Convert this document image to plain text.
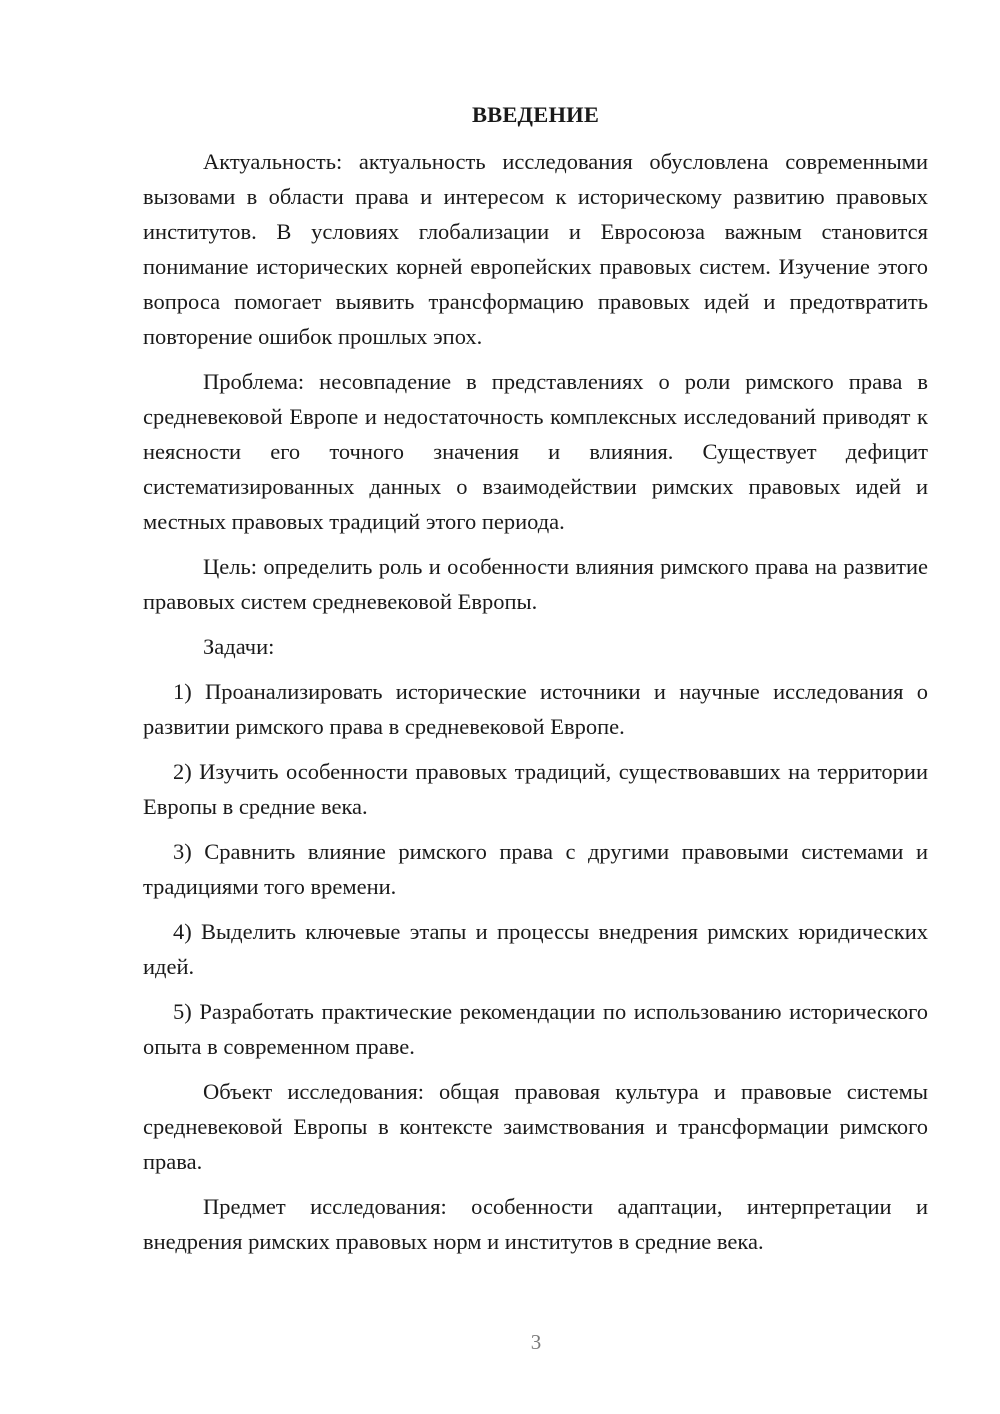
ВВЕДЕНИЕ

Актуальность: актуальность исследования обусловлена современными вызовами в области права и интересом к историческому развитию правовых институтов. В условиях глобализации и Евросоюза важным становится понимание исторических корней европейских правовых систем. Изучение этого вопроса помогает выявить трансформацию правовых идей и предотвратить повторение ошибок прошлых эпох.

Проблема: несовпадение в представлениях о роли римского права в средневековой Европе и недостаточность комплексных исследований приводят к неясности его точного значения и влияния. Существует дефицит систематизированных данных о взаимодействии римских правовых идей и местных правовых традиций этого периода.

Цель: определить роль и особенности влияния римского права на развитие правовых систем средневековой Европы.

Задачи:

1) Проанализировать исторические источники и научные исследования о развитии римского права в средневековой Европе.

2) Изучить особенности правовых традиций, существовавших на территории Европы в средние века.

3) Сравнить влияние римского права с другими правовыми системами и традициями того времени.

4) Выделить ключевые этапы и процессы внедрения римских юридических идей.

5) Разработать практические рекомендации по использованию исторического опыта в современном праве.

Объект исследования: общая правовая культура и правовые системы средневековой Европы в контексте заимствования и трансформации римского права.

Предмет исследования: особенности адаптации, интерпретации и внедрения римских правовых норм и институтов в средние века.

3
